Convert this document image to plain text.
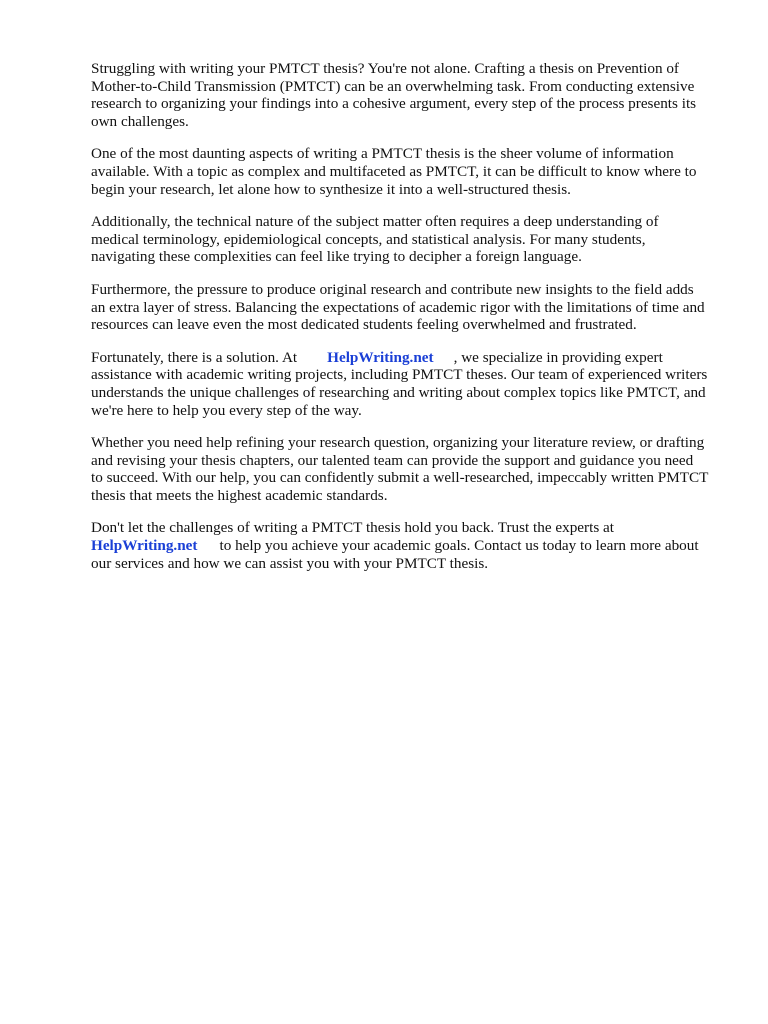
Struggling with writing your PMTCT thesis? You're not alone. Crafting a thesis on Prevention of
Mother-to-Child Transmission (PMTCT) can be an overwhelming task. From conducting extensive
research to organizing your findings into a cohesive argument, every step of the process presents its
own challenges.

One of the most daunting aspects of writing a PMTCT thesis is the sheer volume of information
available. With a topic as complex and multifaceted as PMTCT, it can be difficult to know where to
begin your research, let alone how to synthesize it into a well-structured thesis.

Additionally, the technical nature of the subject matter often requires a deep understanding of
medical terminology, epidemiological concepts, and statistical analysis. For many students,
navigating these complexities can feel like trying to decipher a foreign language.

Furthermore, the pressure to produce original research and contribute new insights to the field adds
an extra layer of stress. Balancing the expectations of academic rigor with the limitations of time and
resources can leave even the most dedicated students feeling overwhelmed and frustrated.

Fortunately, there is a solution. At HelpWriting.net , we specialize in providing expert
assistance with academic writing projects, including PMTCT theses. Our team of experienced writers
understands the unique challenges of researching and writing about complex topics like PMTCT, and
we're here to help you every step of the way.

Whether you need help refining your research question, organizing your literature review, or drafting
and revising your thesis chapters, our talented team can provide the support and guidance you need
to succeed. With our help, you can confidently submit a well-researched, impeccably written PMTCT
thesis that meets the highest academic standards.

Don't let the challenges of writing a PMTCT thesis hold you back. Trust the experts at
HelpWriting.net to help you achieve your academic goals. Contact us today to learn more about
our services and how we can assist you with your PMTCT thesis.
